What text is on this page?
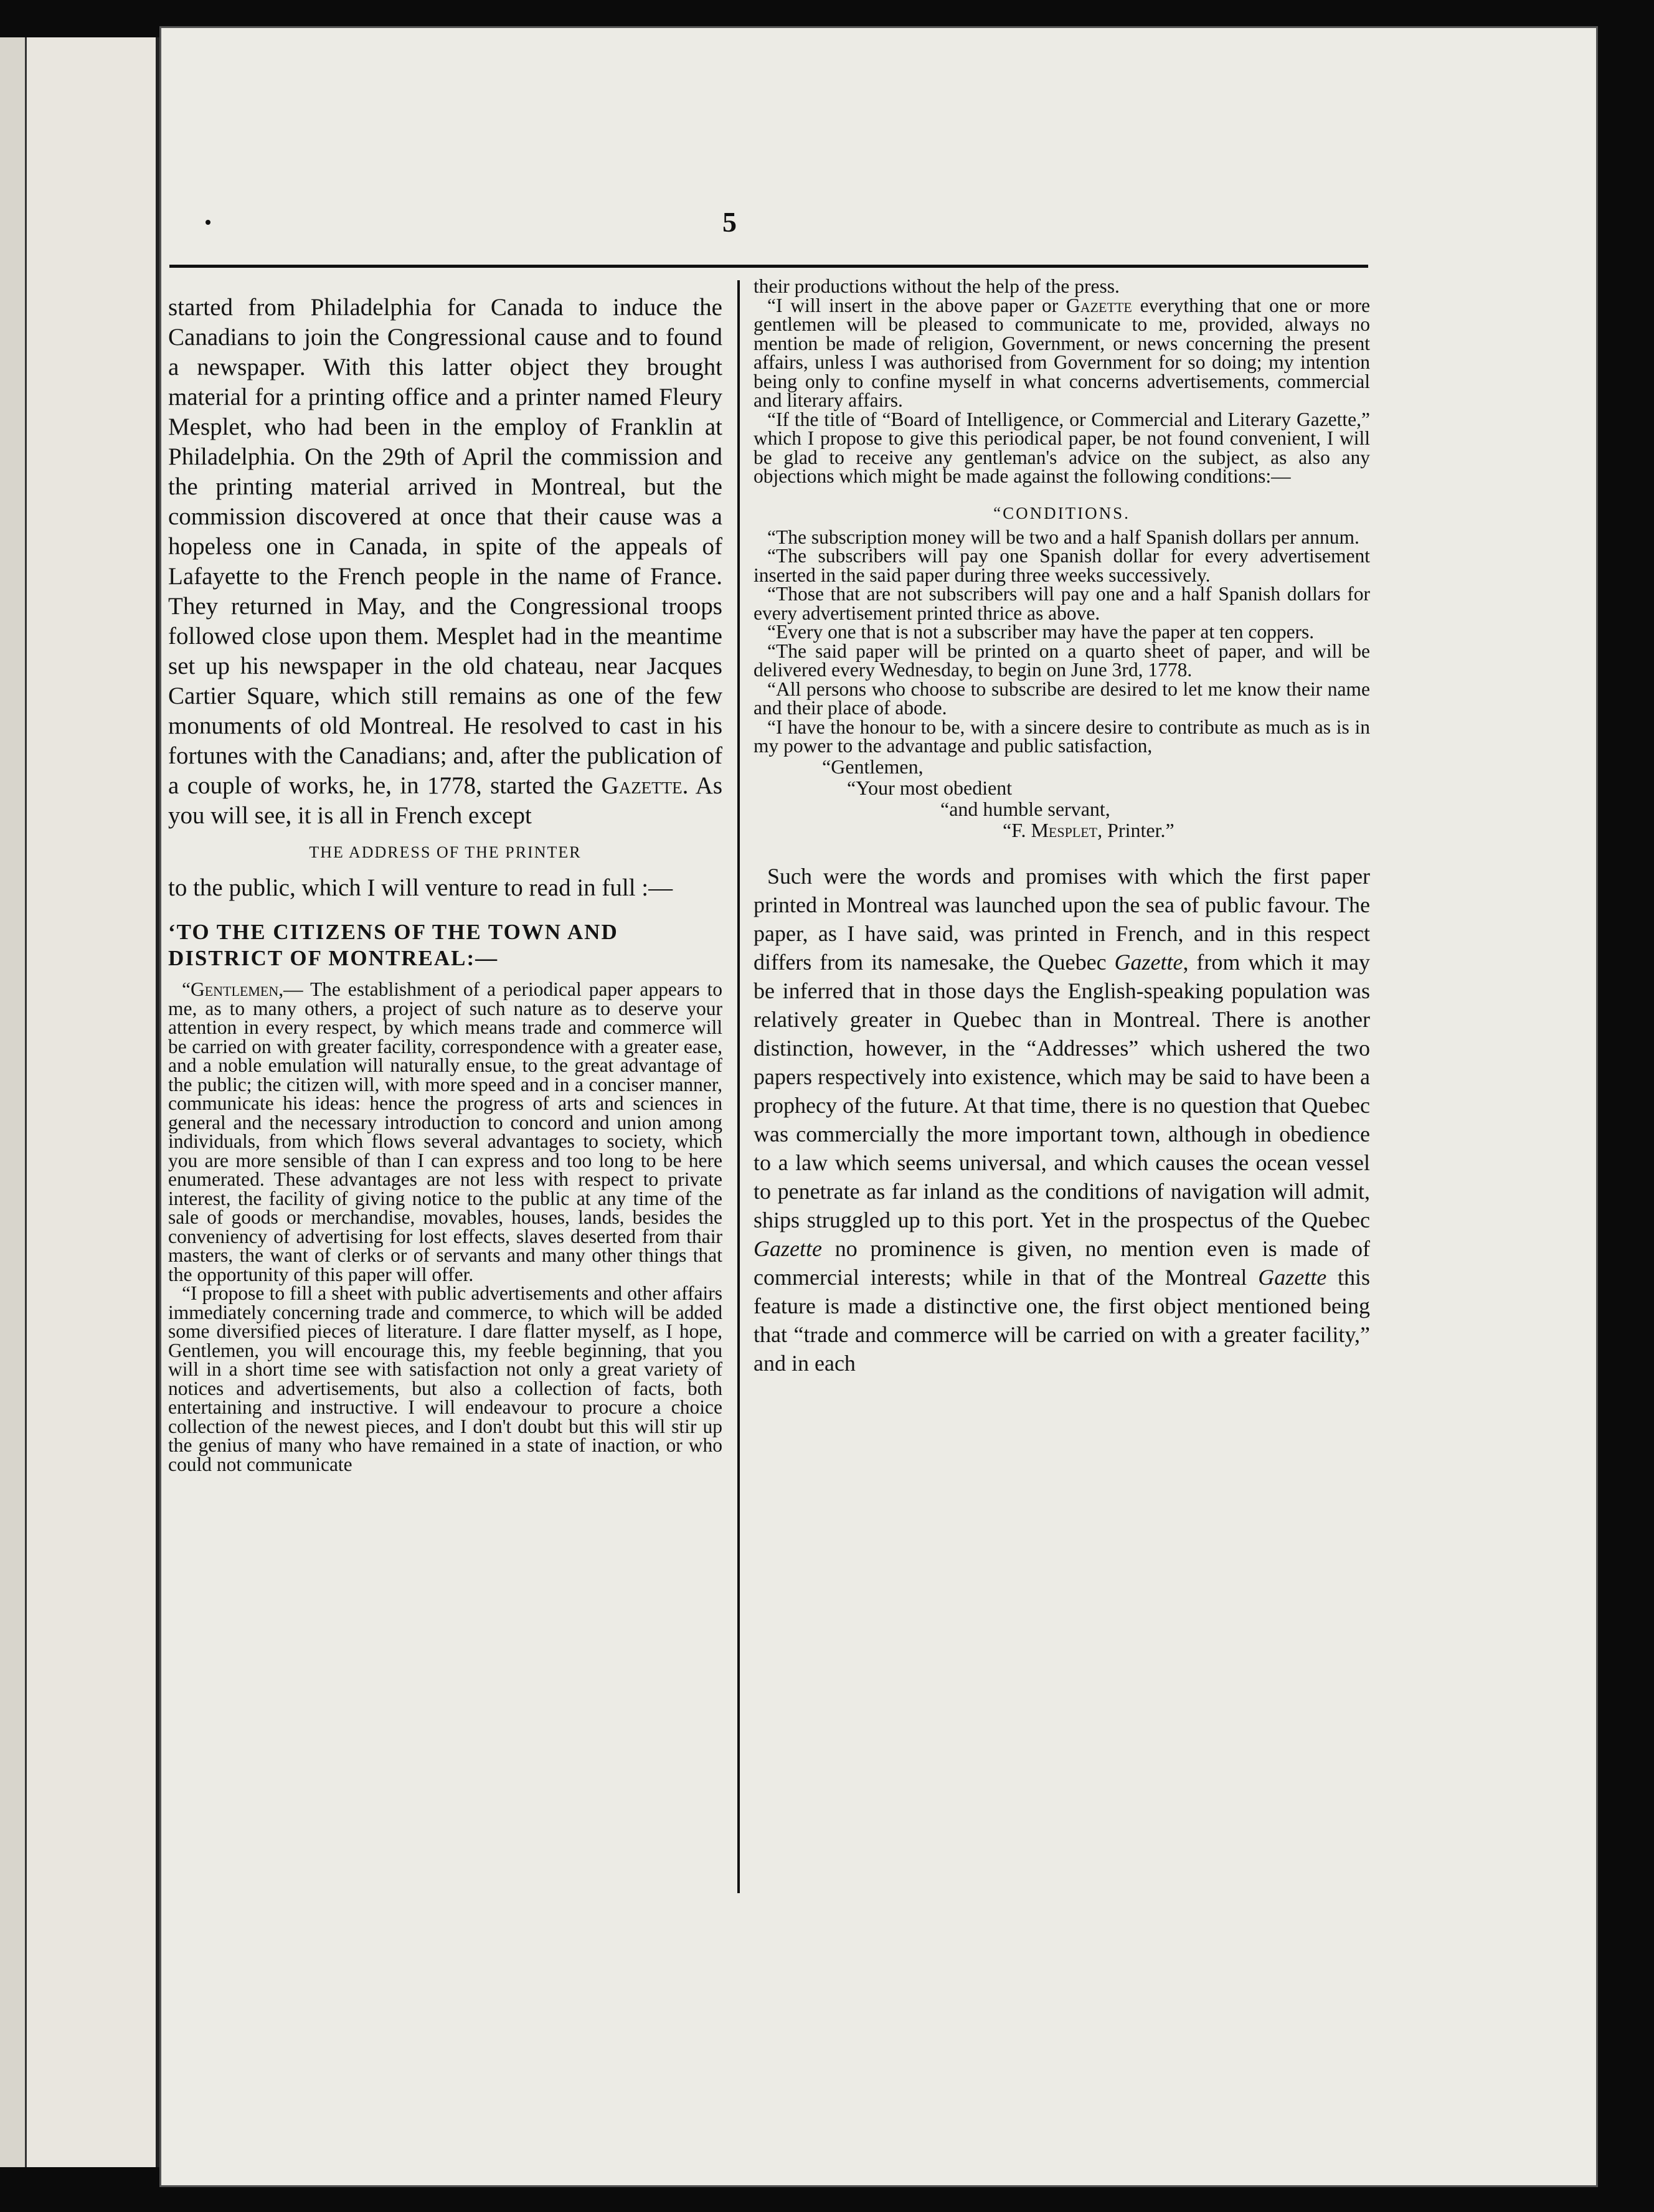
5

started from Philadelphia for Canada to induce the Canadians to join the Congressional cause and to found a newspaper. With this latter object they brought material for a printing office and a printer named Fleury Mesplet, who had been in the employ of Franklin at Philadelphia. On the 29th of April the commission and the printing material arrived in Montreal, but the commission discovered at once that their cause was a hopeless one in Canada, in spite of the appeals of Lafayette to the French people in the name of France. They returned in May, and the Congressional troops followed close upon them. Mesplet had in the meantime set up his newspaper in the old chateau, near Jacques Cartier Square, which still remains as one of the few monuments of old Montreal. He resolved to cast in his fortunes with the Canadians; and, after the publication of a couple of works, he, in 1778, started the Gazette. As you will see, it is all in French except

THE ADDRESS OF THE PRINTER

to the public, which I will venture to read in full :—

‘TO THE CITIZENS OF THE TOWN AND DISTRICT OF MONTREAL:—

“Gentlemen,— The establishment of a periodical paper appears to me, as to many others, a project of such nature as to deserve your attention in every respect, by which means trade and commerce will be carried on with greater facility, correspondence with a greater ease, and a noble emulation will naturally ensue, to the great advantage of the public; the citizen will, with more speed and in a conciser manner, communicate his ideas: hence the progress of arts and sciences in general and the necessary introduction to concord and union among individuals, from which flows several advantages to society, which you are more sensible of than I can express and too long to be here enumerated. These advantages are not less with respect to private interest, the facility of giving notice to the public at any time of the sale of goods or merchandise, movables, houses, lands, besides the conveniency of advertising for lost effects, slaves deserted from thair masters, the want of clerks or of servants and many other things that the opportunity of this paper will offer.

“I propose to fill a sheet with public advertisements and other affairs immediately concerning trade and commerce, to which will be added some diversified pieces of literature. I dare flatter myself, as I hope, Gentlemen, you will encourage this, my feeble beginning, that you will in a short time see with satisfaction not only a great variety of notices and advertisements, but also a collection of facts, both entertaining and instructive. I will endeavour to procure a choice collection of the newest pieces, and I don't doubt but this will stir up the genius of many who have remained in a state of inaction, or who could not communicate

their productions without the help of the press.

“I will insert in the above paper or Gazette everything that one or more gentlemen will be pleased to communicate to me, provided, always no mention be made of religion, Government, or news concerning the present affairs, unless I was authorised from Government for so doing; my intention being only to confine myself in what concerns advertisements, commercial and literary affairs.

“If the title of “Board of Intelligence, or Commercial and Literary Gazette,” which I propose to give this periodical paper, be not found convenient, I will be glad to receive any gentleman's advice on the subject, as also any objections which might be made against the following conditions:—

“CONDITIONS.

“The subscription money will be two and a half Spanish dollars per annum.

“The subscribers will pay one Spanish dollar for every advertisement inserted in the said paper during three weeks successively.

“Those that are not subscribers will pay one and a half Spanish dollars for every advertisement printed thrice as above.

“Every one that is not a subscriber may have the paper at ten coppers.

“The said paper will be printed on a quarto sheet of paper, and will be delivered every Wednesday, to begin on June 3rd, 1778.

“All persons who choose to subscribe are desired to let me know their name and their place of abode.

“I have the honour to be, with a sincere desire to contribute as much as is in my power to the advantage and public satisfaction,

“Gentlemen,

“Your most obedient

“and humble servant,

“F. Mesplet, Printer.”

Such were the words and promises with which the first paper printed in Montreal was launched upon the sea of public favour. The paper, as I have said, was printed in French, and in this respect differs from its namesake, the Quebec Gazette, from which it may be inferred that in those days the English-speaking population was relatively greater in Quebec than in Montreal. There is another distinction, however, in the “Addresses” which ushered the two papers respectively into existence, which may be said to have been a prophecy of the future. At that time, there is no question that Quebec was commercially the more important town, although in obedience to a law which seems universal, and which causes the ocean vessel to penetrate as far inland as the conditions of navigation will admit, ships struggled up to this port. Yet in the prospectus of the Quebec Gazette no prominence is given, no mention even is made of commercial interests; while in that of the Montreal Gazette this feature is made a distinctive one, the first object mentioned being that “trade and commerce will be carried on with a greater facility,” and in each
